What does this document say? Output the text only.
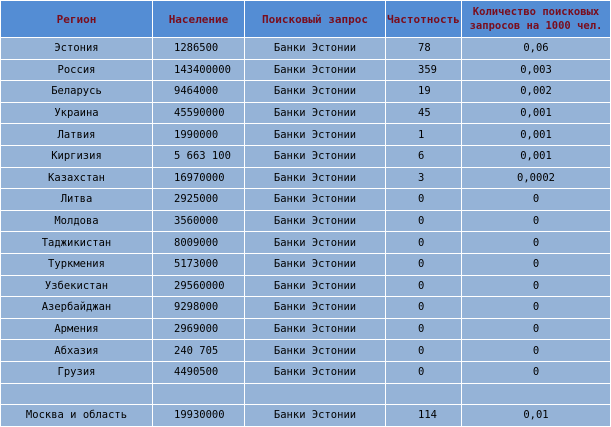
Регион	Население	Поисковый запрос	Частотность	Количество поисковых запросов на 1000 чел.
Эстония	1286500	Банки Эстонии	78	0,06
Россия	143400000	Банки Эстонии	359	0,003
Беларусь	9464000	Банки Эстонии	19	0,002
Украина	45590000	Банки Эстонии	45	0,001
Латвия	1990000	Банки Эстонии	1	0,001
Киргизия	5 663 100	Банки Эстонии	6	0,001
Казахстан	16970000	Банки Эстонии	3	0,0002
Литва	2925000	Банки Эстонии	0	0
Молдова	3560000	Банки Эстонии	0	0
Таджикистан	8009000	Банки Эстонии	0	0
Туркмения	5173000	Банки Эстонии	0	0
Узбекистан	29560000	Банки Эстонии	0	0
Азербайджан	9298000	Банки Эстонии	0	0
Армения	2969000	Банки Эстонии	0	0
Абхазия	240 705	Банки Эстонии	0	0
Грузия	4490500	Банки Эстонии	0	0

Москва и область	19930000	Банки Эстонии	114	0,01
